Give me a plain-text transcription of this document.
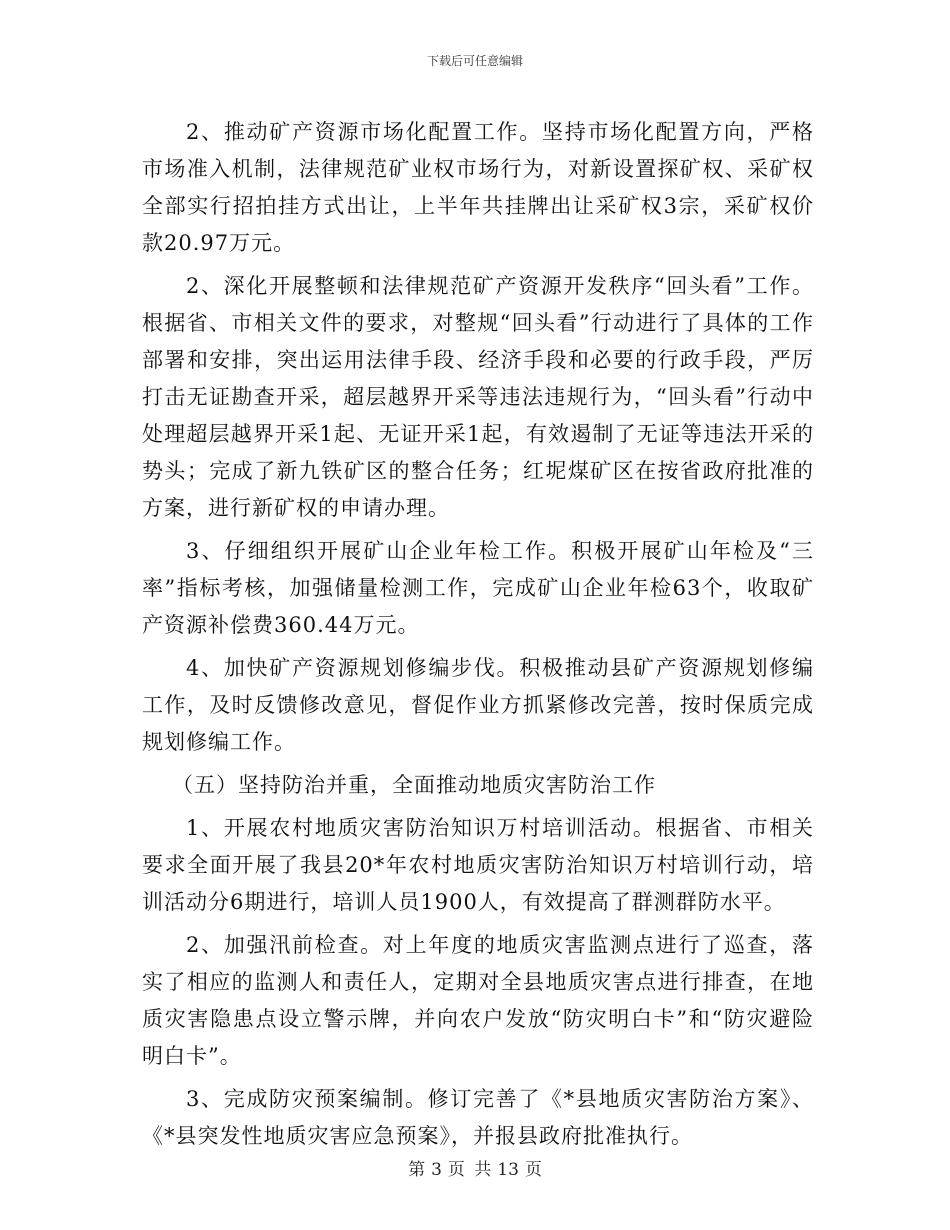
下载后可任意编辑

2、推动矿产资源市场化配置工作。坚持市场化配置方向，严格市场准入机制，法律规范矿业权市场行为，对新设置探矿权、采矿权全部实行招拍挂方式出让，上半年共挂牌出让采矿权3宗，采矿权价款20.97万元。

2、深化开展整顿和法律规范矿产资源开发秩序“回头看”工作。根据省、市相关文件的要求，对整规“回头看”行动进行了具体的工作部署和安排，突出运用法律手段、经济手段和必要的行政手段，严厉打击无证勘查开采，超层越界开采等违法违规行为，“回头看”行动中处理超层越界开采1起、无证开采1起，有效遏制了无证等违法开采的势头；完成了新九铁矿区的整合任务；红坭煤矿区在按省政府批准的方案，进行新矿权的申请办理。

3、仔细组织开展矿山企业年检工作。积极开展矿山年检及“三率”指标考核，加强储量检测工作，完成矿山企业年检63个，收取矿产资源补偿费360.44万元。

4、加快矿产资源规划修编步伐。积极推动县矿产资源规划修编工作，及时反馈修改意见，督促作业方抓紧修改完善，按时保质完成规划修编工作。

（五）坚持防治并重，全面推动地质灾害防治工作

1、开展农村地质灾害防治知识万村培训活动。根据省、市相关要求全面开展了我县20*年农村地质灾害防治知识万村培训行动，培训活动分6期进行，培训人员1900人，有效提高了群测群防水平。

2、加强汛前检查。对上年度的地质灾害监测点进行了巡查，落实了相应的监测人和责任人，定期对全县地质灾害点进行排查，在地质灾害隐患点设立警示牌，并向农户发放“防灾明白卡”和“防灾避险明白卡”。

3、完成防灾预案编制。修订完善了《*县地质灾害防治方案》、《*县突发性地质灾害应急预案》，并报县政府批准执行。

第 3 页 共 13 页
